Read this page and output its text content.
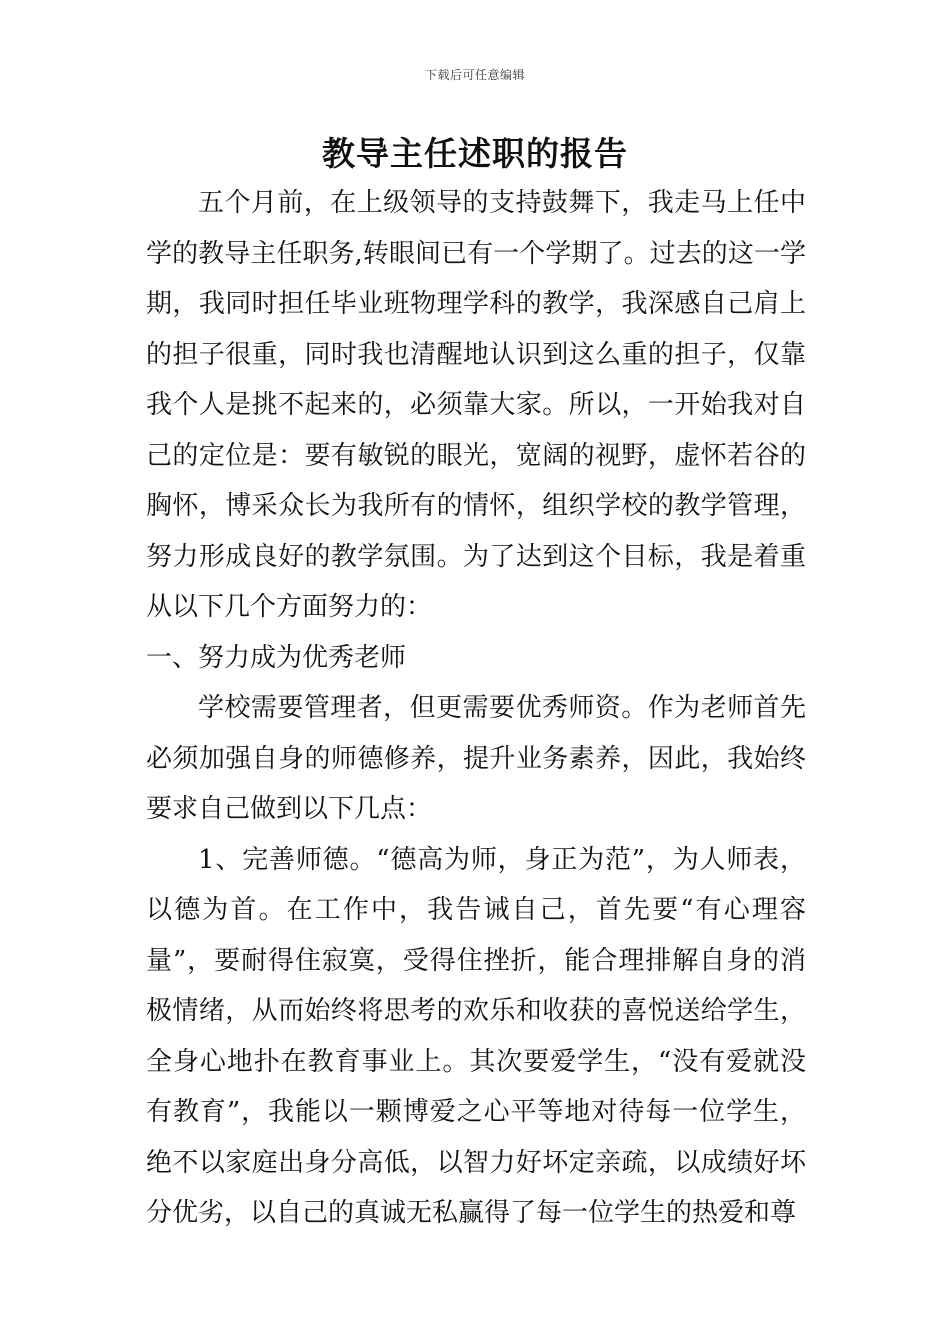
下载后可任意编辑
教导主任述职的报告

五个月前，在上级领导的支持鼓舞下，我走马上任中学的教导主任职务,转眼间已有一个学期了。过去的这一学期，我同时担任毕业班物理学科的教学，我深感自己肩上的担子很重，同时我也清醒地认识到这么重的担子，仅靠我个人是挑不起来的，必须靠大家。所以，一开始我对自己的定位是：要有敏锐的眼光，宽阔的视野，虚怀若谷的胸怀，博采众长为我所有的情怀，组织学校的教学管理，努力形成良好的教学氛围。为了达到这个目标，我是着重从以下几个方面努力的：

一、努力成为优秀老师

学校需要管理者，但更需要优秀师资。作为老师首先必须加强自身的师德修养，提升业务素养，因此，我始终要求自己做到以下几点：

1、完善师德。“德高为师，身正为范”，为人师表，以德为首。在工作中，我告诫自己，首先要“有心理容量”，要耐得住寂寞，受得住挫折，能合理排解自身的消极情绪，从而始终将思考的欢乐和收获的喜悦送给学生，全身心地扑在教育事业上。其次要爱学生，“没有爱就没有教育”，我能以一颗博爱之心平等地对待每一位学生，绝不以家庭出身分高低，以智力好坏定亲疏，以成绩好坏分优劣，以自己的真诚无私赢得了每一位学生的热爱和尊
